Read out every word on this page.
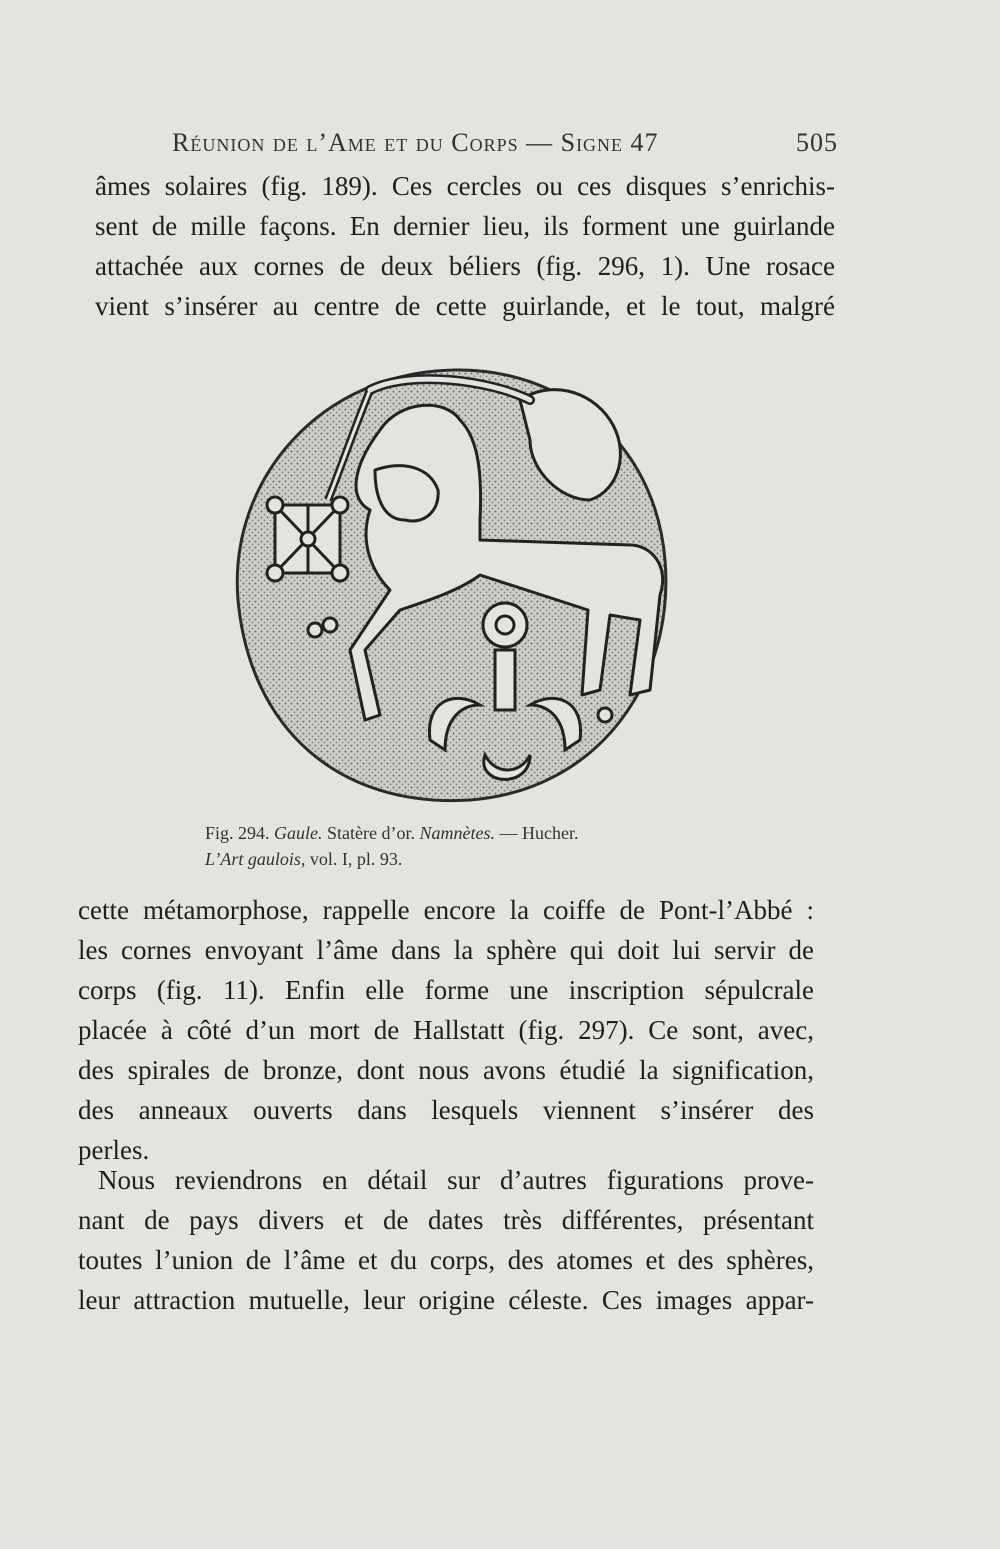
Réunion de l’Ame et du Corps — Signe 47	505

âmes solaires (fig. 189). Ces cercles ou ces disques s’enrichis-
sent de mille façons. En dernier lieu, ils forment une guirlande
attachée aux cornes de deux béliers (fig. 296, 1). Une rosace
vient s’insérer au centre de cette guirlande, et le tout, malgré

Fig. 294. Gaule. Statère d’or. Namnètes. — Hucher.
L’Art gaulois, vol. I, pl. 93.

cette métamorphose, rappelle encore la coiffe de Pont-l’Abbé :
les cornes envoyant l’âme dans la sphère qui doit lui servir de
corps (fig. 11). Enfin elle forme une inscription sépulcrale
placée à côté d’un mort de Hallstatt (fig. 297). Ce sont, avec,
des spirales de bronze, dont nous avons étudié la signification,
des anneaux ouverts dans lesquels viennent s’insérer des
perles.

Nous reviendrons en détail sur d’autres figurations prove-
nant de pays divers et de dates très différentes, présentant
toutes l’union de l’âme et du corps, des atomes et des sphères,
leur attraction mutuelle, leur origine céleste. Ces images appar-
